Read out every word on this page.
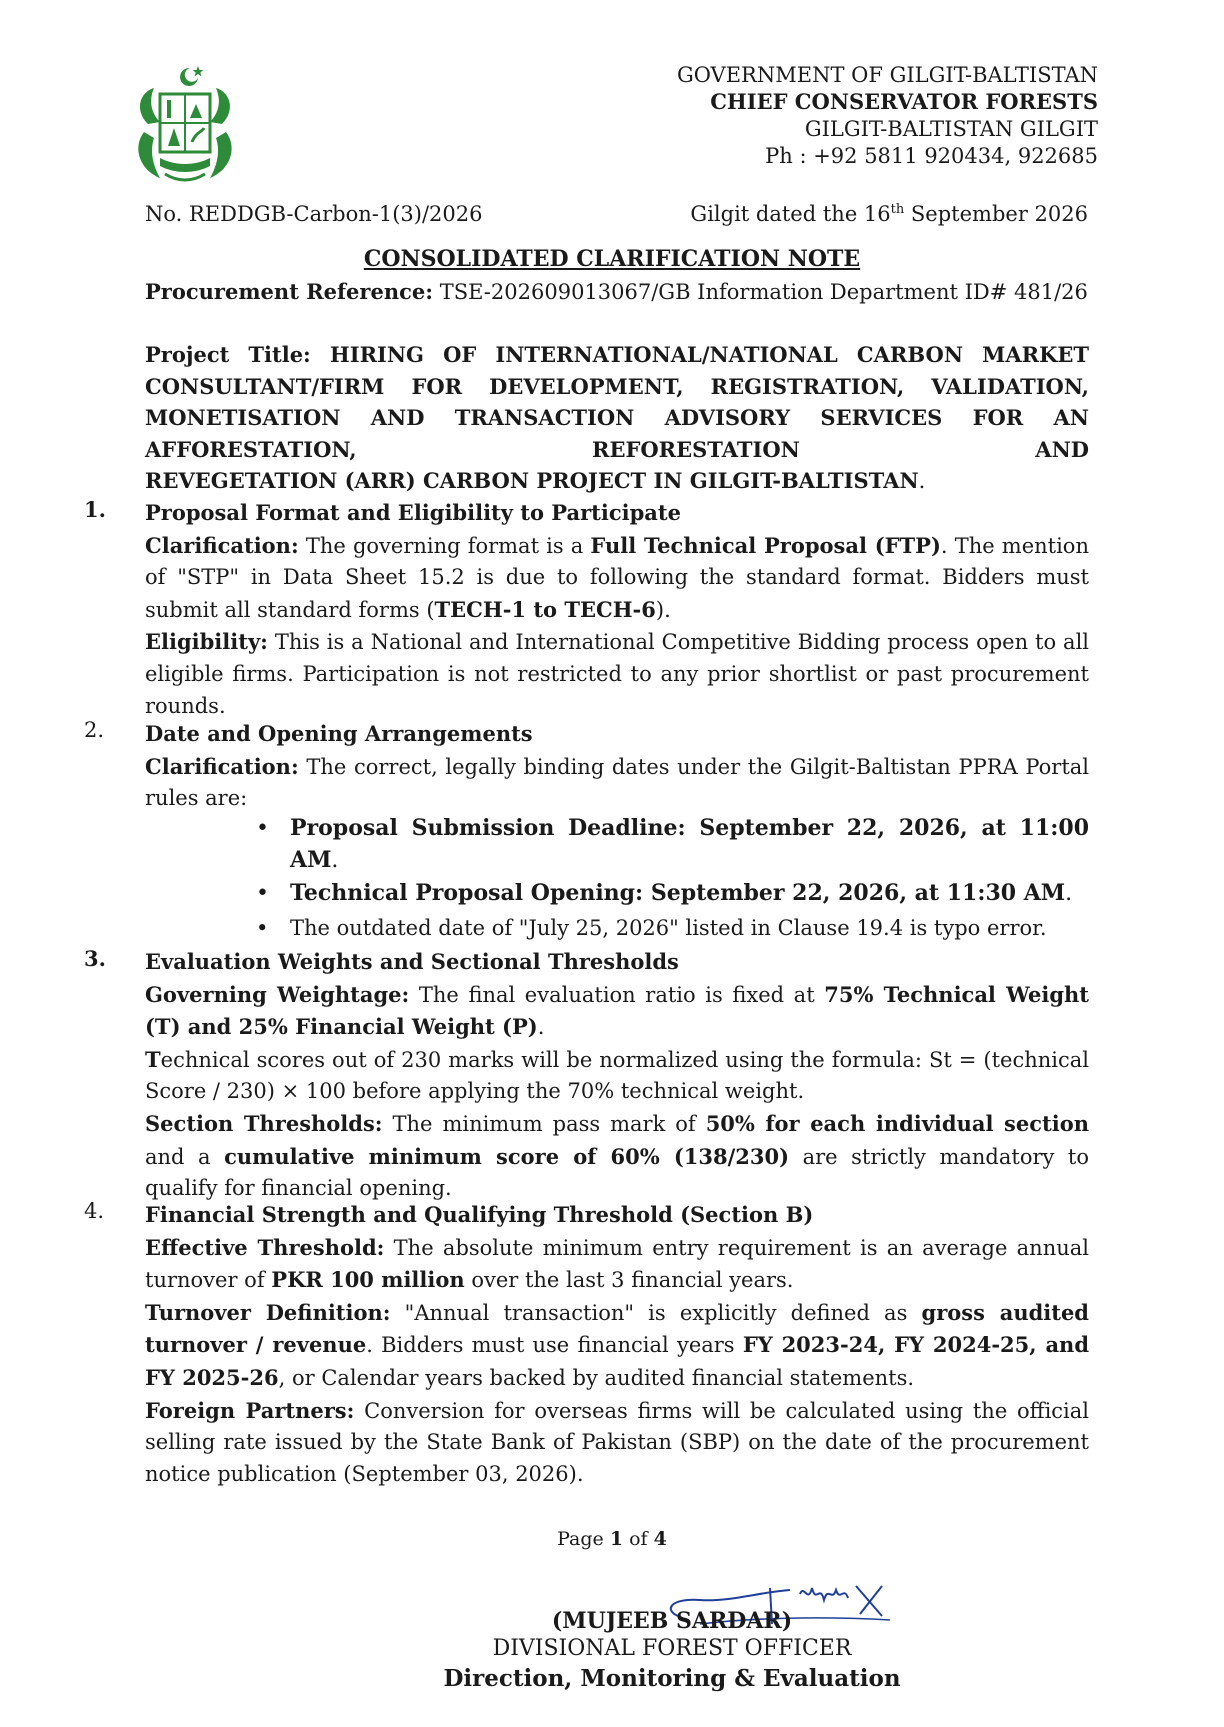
GOVERNMENT OF GILGIT-BALTISTAN
CHIEF CONSERVATOR FORESTS
GILGIT-BALTISTAN GILGIT
Ph : +92 5811 920434, 922685
No. REDDGB-Carbon-1(3)/2026	Gilgit dated the 16th September 2026
CONSOLIDATED CLARIFICATION NOTE
Procurement Reference: TSE-202609013067/GB Information Department ID# 481/26
Project Title: HIRING OF INTERNATIONAL/NATIONAL CARBON MARKET CONSULTANT/FIRM FOR DEVELOPMENT, REGISTRATION, VALIDATION, MONETISATION AND TRANSACTION ADVISORY SERVICES FOR AN AFFORESTATION, REFORESTATION AND
REVEGETATION (ARR) CARBON PROJECT IN GILGIT-BALTISTAN.
1. Proposal Format and Eligibility to Participate
Clarification: The governing format is a Full Technical Proposal (FTP). The mention of "STP" in Data Sheet 15.2 is due to following the standard format. Bidders must submit all standard forms (TECH-1 to TECH-6).
Eligibility: This is a National and International Competitive Bidding process open to all eligible firms. Participation is not restricted to any prior shortlist or past procurement rounds.
2. Date and Opening Arrangements
Clarification: The correct, legally binding dates under the Gilgit-Baltistan PPRA Portal rules are:
• Proposal Submission Deadline: September 22, 2026, at 11:00 AM.
• Technical Proposal Opening: September 22, 2026, at 11:30 AM.
• The outdated date of "July 25, 2026" listed in Clause 19.4 is typo error.
3. Evaluation Weights and Sectional Thresholds
Governing Weightage: The final evaluation ratio is fixed at 75% Technical Weight (T) and 25% Financial Weight (P).
Technical scores out of 230 marks will be normalized using the formula: St = (technical Score / 230) × 100 before applying the 70% technical weight.
Section Thresholds: The minimum pass mark of 50% for each individual section and a cumulative minimum score of 60% (138/230) are strictly mandatory to qualify for financial opening.
4. Financial Strength and Qualifying Threshold (Section B)
Effective Threshold: The absolute minimum entry requirement is an average annual turnover of PKR 100 million over the last 3 financial years.
Turnover Definition: "Annual transaction" is explicitly defined as gross audited turnover / revenue. Bidders must use financial years FY 2023-24, FY 2024-25, and FY 2025-26, or Calendar years backed by audited financial statements.
Foreign Partners: Conversion for overseas firms will be calculated using the official selling rate issued by the State Bank of Pakistan (SBP) on the date of the procurement notice publication (September 03, 2026).
Page 1 of 4
(MUJEEB SARDAR)
DIVISIONAL FOREST OFFICER
Direction, Monitoring & Evaluation
